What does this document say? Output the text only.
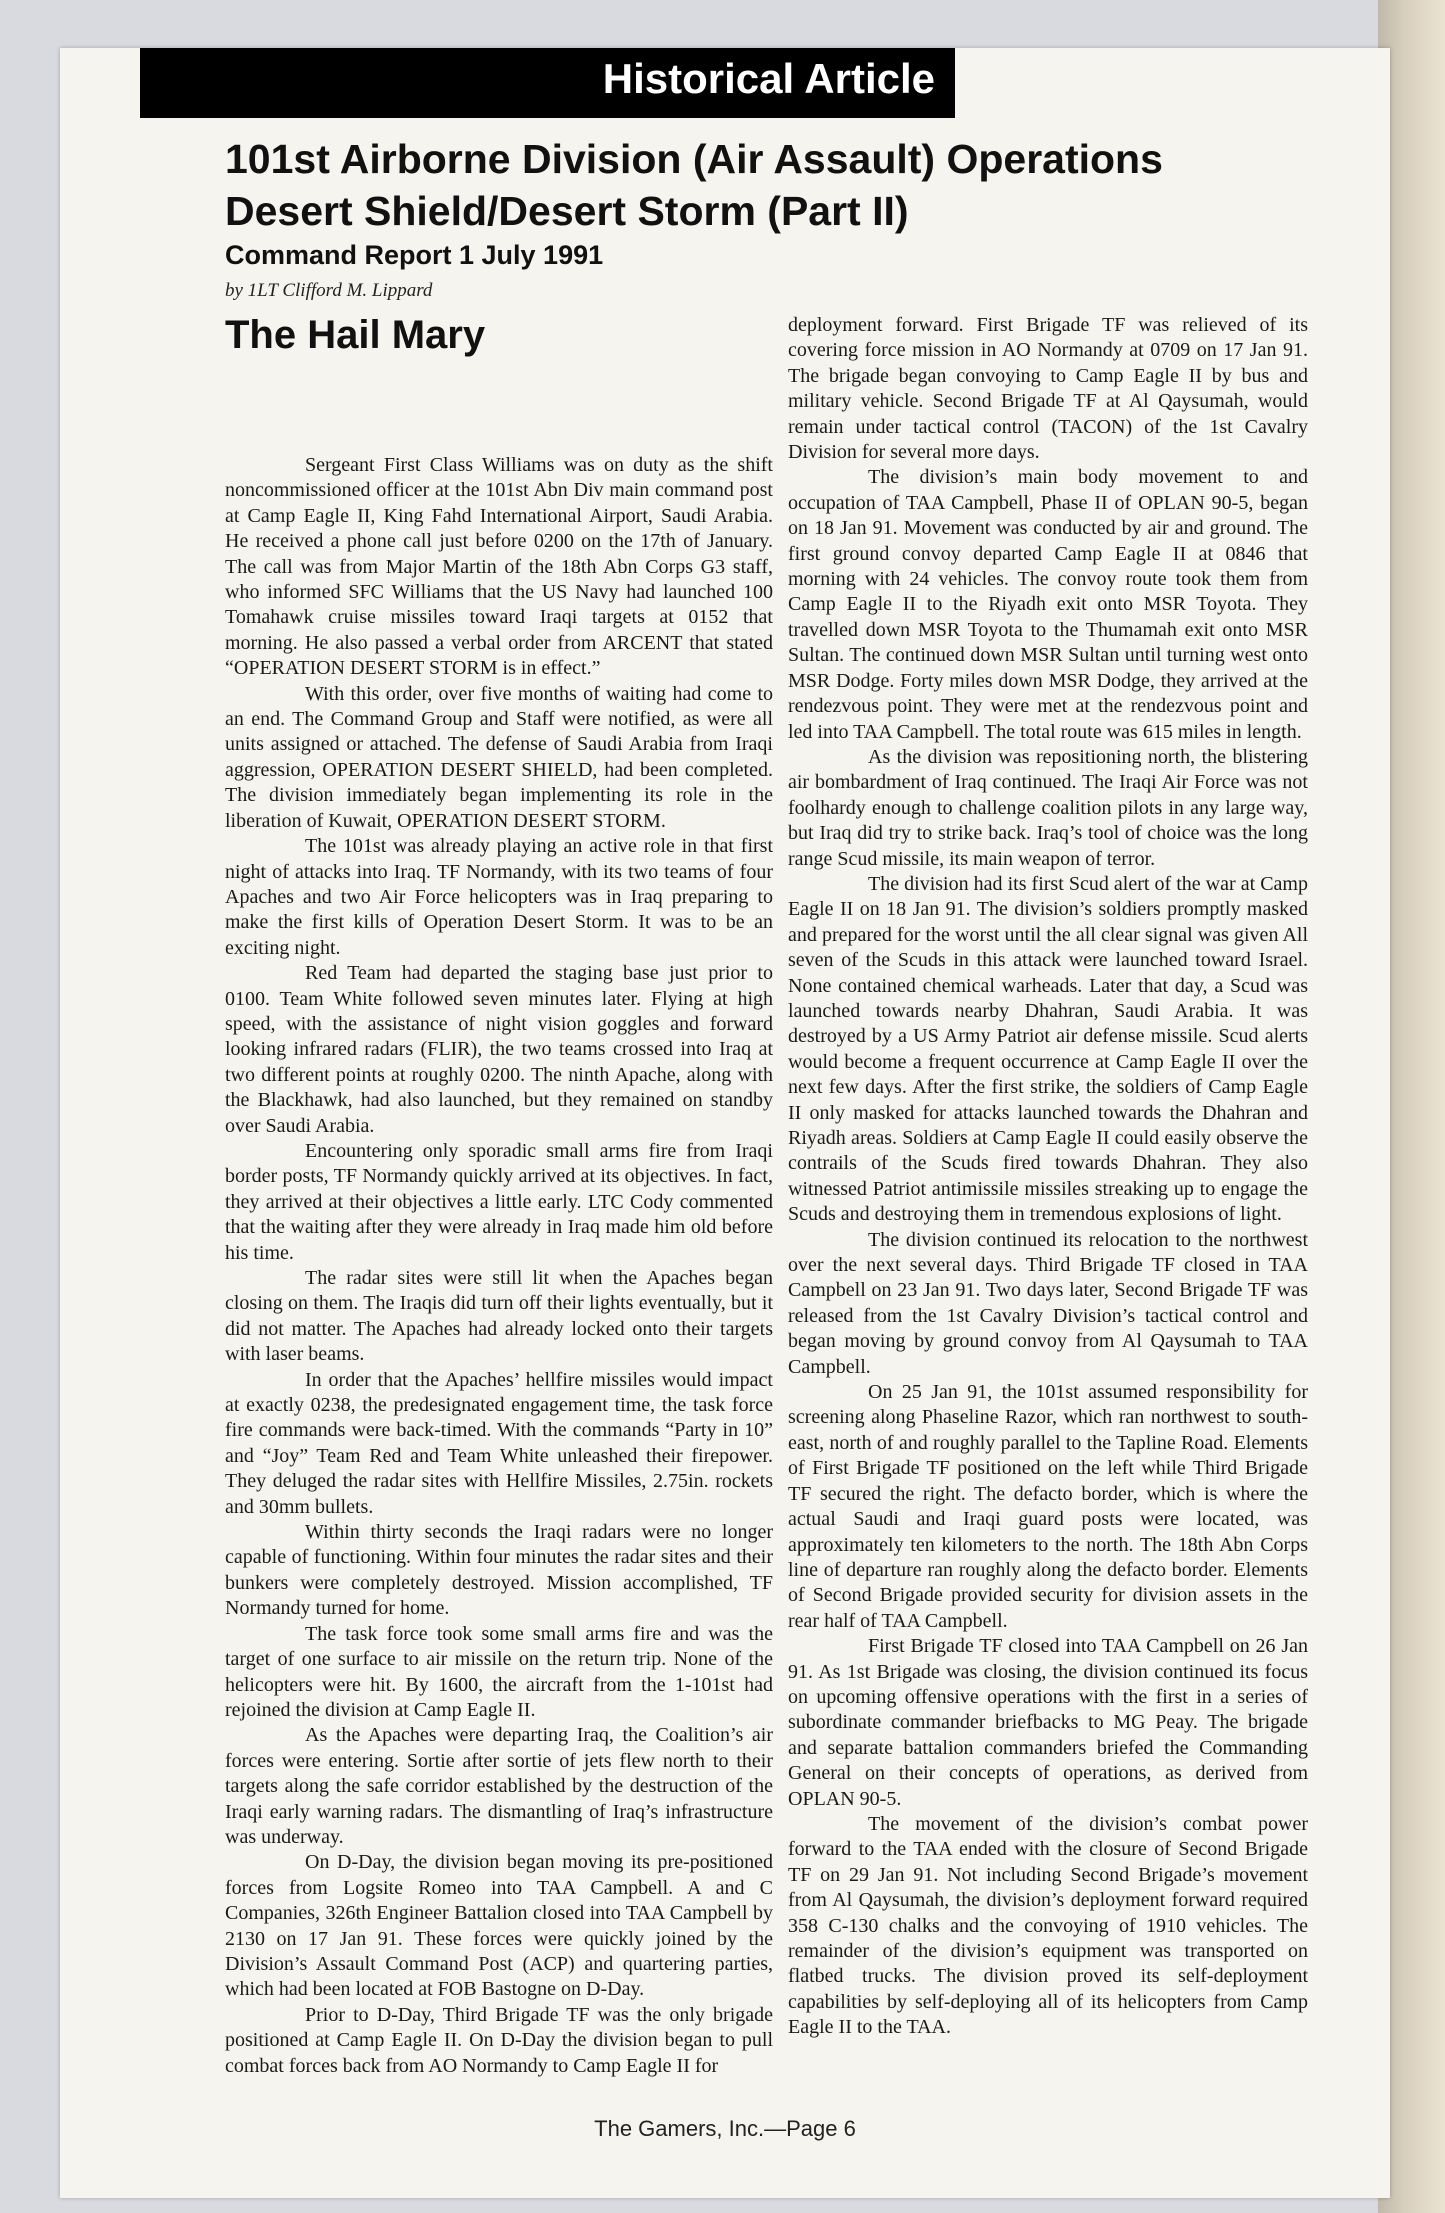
Historical Article
101st Airborne Division (Air Assault) Operations
Desert Shield/Desert Storm (Part II)
Command Report 1 July 1991
by 1LT Clifford M. Lippard
The Hail Mary

Sergeant First Class Williams was on duty as the shift noncommissioned officer at the 101st Abn Div main command post at Camp Eagle II, King Fahd International Airport, Saudi Arabia. He received a phone call just before 0200 on the 17th of January. The call was from Major Martin of the 18th Abn Corps G3 staff, who informed SFC Williams that the US Navy had launched 100 Tomahawk cruise missiles toward Iraqi targets at 0152 that morning. He also passed a verbal order from ARCENT that stated “OPERATION DESERT STORM is in effect.”

With this order, over five months of waiting had come to an end. The Command Group and Staff were notified, as were all units assigned or attached. The defense of Saudi Arabia from Iraqi aggression, OPERATION DESERT SHIELD, had been completed. The division immediately began implementing its role in the liberation of Kuwait, OPERATION DESERT STORM.

The 101st was already playing an active role in that first night of attacks into Iraq. TF Normandy, with its two teams of four Apaches and two Air Force helicopters was in Iraq preparing to make the first kills of Operation Desert Storm. It was to be an exciting night.

Red Team had departed the staging base just prior to 0100. Team White followed seven minutes later. Flying at high speed, with the assistance of night vision goggles and forward looking infrared radars (FLIR), the two teams crossed into Iraq at two different points at roughly 0200. The ninth Apache, along with the Blackhawk, had also launched, but they remained on standby over Saudi Arabia.

Encountering only sporadic small arms fire from Iraqi border posts, TF Normandy quickly arrived at its objectives. In fact, they arrived at their objectives a little early. LTC Cody commented that the waiting after they were already in Iraq made him old before his time.

The radar sites were still lit when the Apaches began closing on them. The Iraqis did turn off their lights eventually, but it did not matter. The Apaches had already locked onto their targets with laser beams.

In order that the Apaches’ hellfire missiles would impact at exactly 0238, the predesignated engagement time, the task force fire commands were back-timed. With the commands “Party in 10” and “Joy” Team Red and Team White unleashed their firepower. They deluged the radar sites with Hellfire Missiles, 2.75in. rockets and 30mm bullets.

Within thirty seconds the Iraqi radars were no longer capable of functioning. Within four minutes the radar sites and their bunkers were completely destroyed. Mission accomplished, TF Normandy turned for home.

The task force took some small arms fire and was the target of one surface to air missile on the return trip. None of the helicopters were hit. By 1600, the aircraft from the 1-101st had rejoined the division at Camp Eagle II.

As the Apaches were departing Iraq, the Coalition’s air forces were entering. Sortie after sortie of jets flew north to their targets along the safe corridor established by the destruction of the Iraqi early warning radars. The dismantling of Iraq’s infrastructure was underway.

On D-Day, the division began moving its pre-positioned forces from Logsite Romeo into TAA Campbell. A and C Companies, 326th Engineer Battalion closed into TAA Campbell by 2130 on 17 Jan 91. These forces were quickly joined by the Division’s Assault Command Post (ACP) and quartering parties, which had been located at FOB Bastogne on D-Day.

Prior to D-Day, Third Brigade TF was the only brigade positioned at Camp Eagle II. On D-Day the division began to pull combat forces back from AO Normandy to Camp Eagle II for

deployment forward. First Brigade TF was relieved of its covering force mission in AO Normandy at 0709 on 17 Jan 91. The brigade began convoying to Camp Eagle II by bus and military vehicle. Second Brigade TF at Al Qaysumah, would remain under tactical control (TACON) of the 1st Cavalry Division for several more days.

The division’s main body movement to and occupation of TAA Campbell, Phase II of OPLAN 90-5, began on 18 Jan 91. Movement was conducted by air and ground. The first ground convoy departed Camp Eagle II at 0846 that morning with 24 vehicles. The convoy route took them from Camp Eagle II to the Riyadh exit onto MSR Toyota. They travelled down MSR Toyota to the Thumamah exit onto MSR Sultan. The continued down MSR Sultan until turning west onto MSR Dodge. Forty miles down MSR Dodge, they arrived at the rendezvous point. They were met at the rendezvous point and led into TAA Campbell. The total route was 615 miles in length.

As the division was repositioning north, the blistering air bombardment of Iraq continued. The Iraqi Air Force was not foolhardy enough to challenge coalition pilots in any large way, but Iraq did try to strike back. Iraq’s tool of choice was the long range Scud missile, its main weapon of terror.

The division had its first Scud alert of the war at Camp Eagle II on 18 Jan 91. The division’s soldiers promptly masked and prepared for the worst until the all clear signal was given All seven of the Scuds in this attack were launched toward Israel. None contained chemical warheads. Later that day, a Scud was launched towards nearby Dhahran, Saudi Arabia. It was destroyed by a US Army Patriot air defense missile. Scud alerts would become a frequent occurrence at Camp Eagle II over the next few days. After the first strike, the soldiers of Camp Eagle II only masked for attacks launched towards the Dhahran and Riyadh areas. Soldiers at Camp Eagle II could easily observe the contrails of the Scuds fired towards Dhahran. They also witnessed Patriot antimissile missiles streaking up to engage the Scuds and destroying them in tremendous explosions of light.

The division continued its relocation to the northwest over the next several days. Third Brigade TF closed in TAA Campbell on 23 Jan 91. Two days later, Second Brigade TF was released from the 1st Cavalry Division’s tactical control and began moving by ground convoy from Al Qaysumah to TAA Campbell.

On 25 Jan 91, the 101st assumed responsibility for screening along Phaseline Razor, which ran northwest to south-east, north of and roughly parallel to the Tapline Road. Elements of First Brigade TF positioned on the left while Third Brigade TF secured the right. The defacto border, which is where the actual Saudi and Iraqi guard posts were located, was approximately ten kilometers to the north. The 18th Abn Corps line of departure ran roughly along the defacto border. Elements of Second Brigade provided security for division assets in the rear half of TAA Campbell.

First Brigade TF closed into TAA Campbell on 26 Jan 91. As 1st Brigade was closing, the division continued its focus on upcoming offensive operations with the first in a series of subordinate commander briefbacks to MG Peay. The brigade and separate battalion commanders briefed the Commanding General on their concepts of operations, as derived from OPLAN 90-5.

The movement of the division’s combat power forward to the TAA ended with the closure of Second Brigade TF on 29 Jan 91. Not including Second Brigade’s movement from Al Qaysumah, the division’s deployment forward required 358 C-130 chalks and the convoying of 1910 vehicles. The remainder of the division’s equipment was transported on flatbed trucks. The division proved its self-deployment capabilities by self-deploying all of its helicopters from Camp Eagle II to the TAA.

The Gamers, Inc.—Page 6
